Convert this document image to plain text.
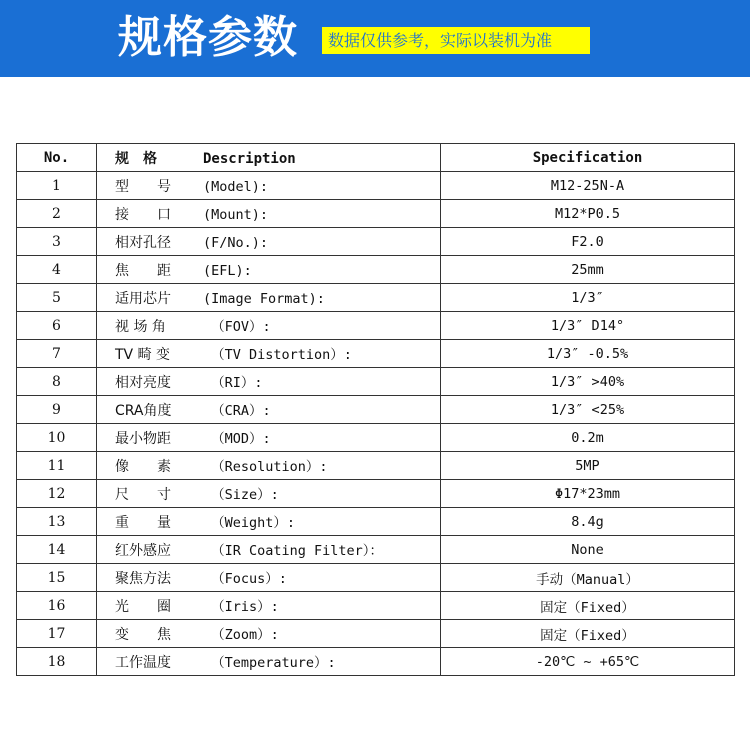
规格参数	数据仅供参考，实际以装机为准
No.	规　格 Description	Specification
1	型　　号 (Model):	M12-25N-A
2	接　　口 (Mount):	M12*P0.5
3	相对孔径 (F/No.):	F2.0
4	焦　　距 (EFL):	25mm
5	适用芯片 (Image Format):	1/3″
6	视 场 角 （FOV）:	1/3″ D14°
7	TV 畸 变 （TV Distortion）:	1/3″ -0.5%
8	相对亮度 （RI）:	1/3″ >40%
9	CRA角度 （CRA）:	1/3″ <25%
10	最小物距 （MOD）:	0.2m
11	像　　素 （Resolution）:	5MP
12	尺　　寸 （Size）:	Φ17*23mm
13	重　　量 （Weight）:	8.4g
14	红外感应 （IR Coating Filter）：	None
15	聚焦方法 （Focus）:	手动（Manual）
16	光　　圈 （Iris）:	固定（Fixed）
17	变　　焦 （Zoom）:	固定（Fixed）
18	工作温度 （Temperature）:	-20℃ ~ +65℃
